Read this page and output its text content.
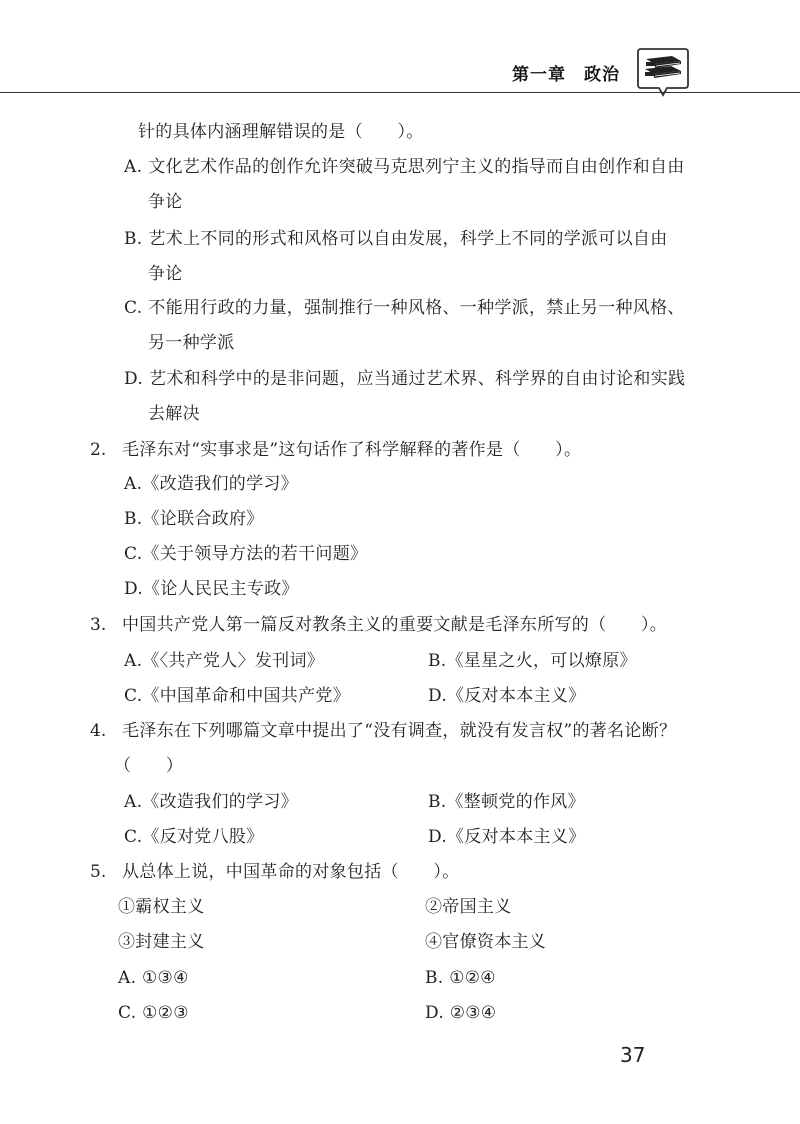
第一章　政治
针的具体内涵理解错误的是（　　）。
A. 文化艺术作品的创作允许突破马克思列宁主义的指导而自由创作和自由
争论
B. 艺术上不同的形式和风格可以自由发展，科学上不同的学派可以自由
争论
C. 不能用行政的力量，强制推行一种风格、一种学派，禁止另一种风格、
另一种学派
D. 艺术和科学中的是非问题，应当通过艺术界、科学界的自由讨论和实践
去解决
2. 毛泽东对“实事求是”这句话作了科学解释的著作是（　　）。
A.《改造我们的学习》
B.《论联合政府》
C.《关于领导方法的若干问题》
D.《论人民民主专政》
3. 中国共产党人第一篇反对教条主义的重要文献是毛泽东所写的（　　）。
A.《〈共产党人〉发刊词》	B.《星星之火，可以燎原》
C.《中国革命和中国共产党》	D.《反对本本主义》
4. 毛泽东在下列哪篇文章中提出了“没有调查，就没有发言权”的著名论断？
（　　）
A.《改造我们的学习》	B.《整顿党的作风》
C.《反对党八股》	D.《反对本本主义》
5. 从总体上说，中国革命的对象包括（　　）。
①霸权主义	②帝国主义
③封建主义	④官僚资本主义
A. ①③④	B. ①②④
C. ①②③	D. ②③④
37
